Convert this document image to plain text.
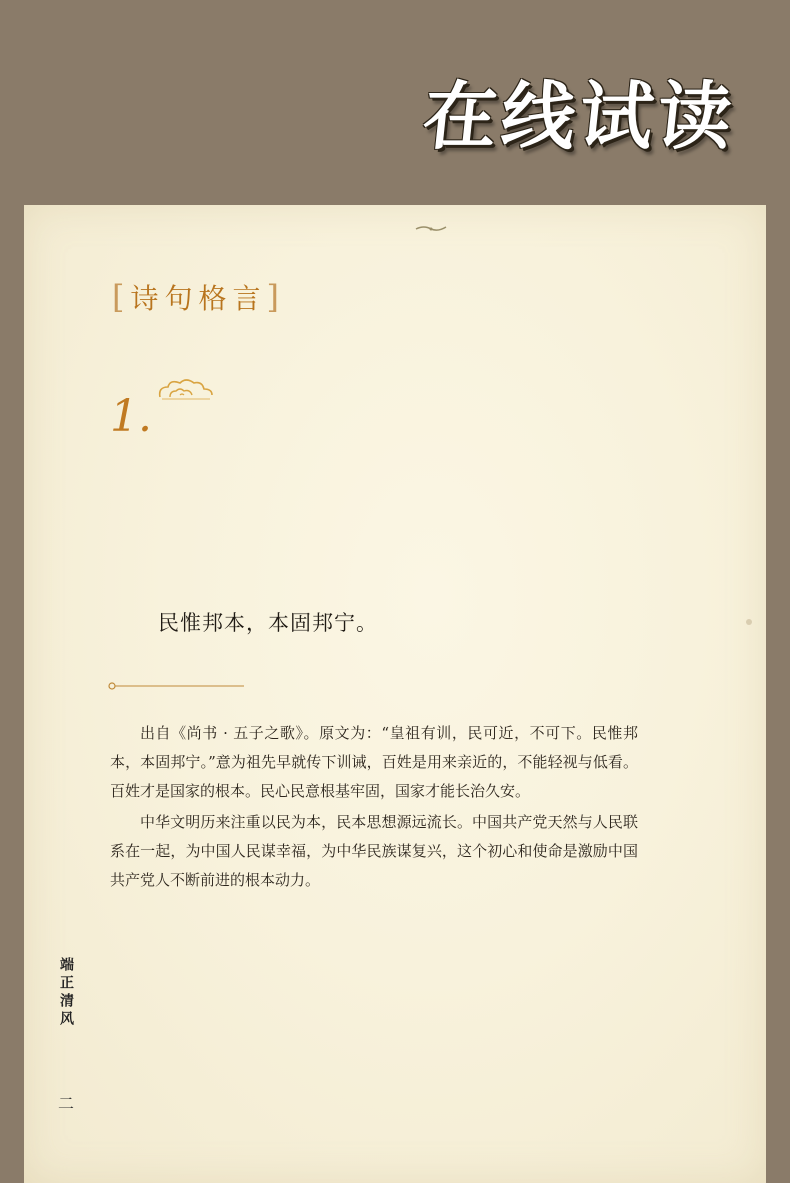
在线试读
[ 诗句格言 ]
1.
民惟邦本，本固邦宁。

出自《尚书 · 五子之歌》。原文为：“皇祖有训，民可近，不可下。民惟邦本，本固邦宁。”意为祖先早就传下训诫，百姓是用来亲近的，不能轻视与低看。百姓才是国家的根本。民心民意根基牢固，国家才能长治久安。

中华文明历来注重以民为本，民本思想源远流长。中国共产党天然与人民联系在一起，为中国人民谋幸福，为中华民族谋复兴，这个初心和使命是激励中国共产党人不断前进的根本动力。

端正清风
二
